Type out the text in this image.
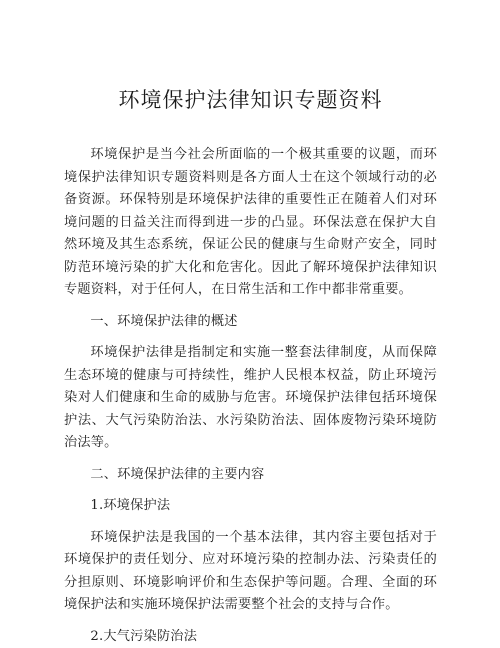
环境保护法律知识专题资料

环境保护是当今社会所面临的一个极其重要的议题，而环境保护法律知识专题资料则是各方面人士在这个领域行动的必备资源。环保特别是环境保护法律的重要性正在随着人们对环境问题的日益关注而得到进一步的凸显。环保法意在保护大自然环境及其生态系统，保证公民的健康与生命财产安全，同时防范环境污染的扩大化和危害化。因此了解环境保护法律知识专题资料，对于任何人，在日常生活和工作中都非常重要。

一、环境保护法律的概述

环境保护法律是指制定和实施一整套法律制度，从而保障生态环境的健康与可持续性，维护人民根本权益，防止环境污染对人们健康和生命的威胁与危害。环境保护法律包括环境保护法、大气污染防治法、水污染防治法、固体废物污染环境防治法等。

二、环境保护法律的主要内容

1.环境保护法

环境保护法是我国的一个基本法律，其内容主要包括对于环境保护的责任划分、应对环境污染的控制办法、污染责任的分担原则、环境影响评价和生态保护等问题。合理、全面的环境保护法和实施环境保护法需要整个社会的支持与合作。

2.大气污染防治法
